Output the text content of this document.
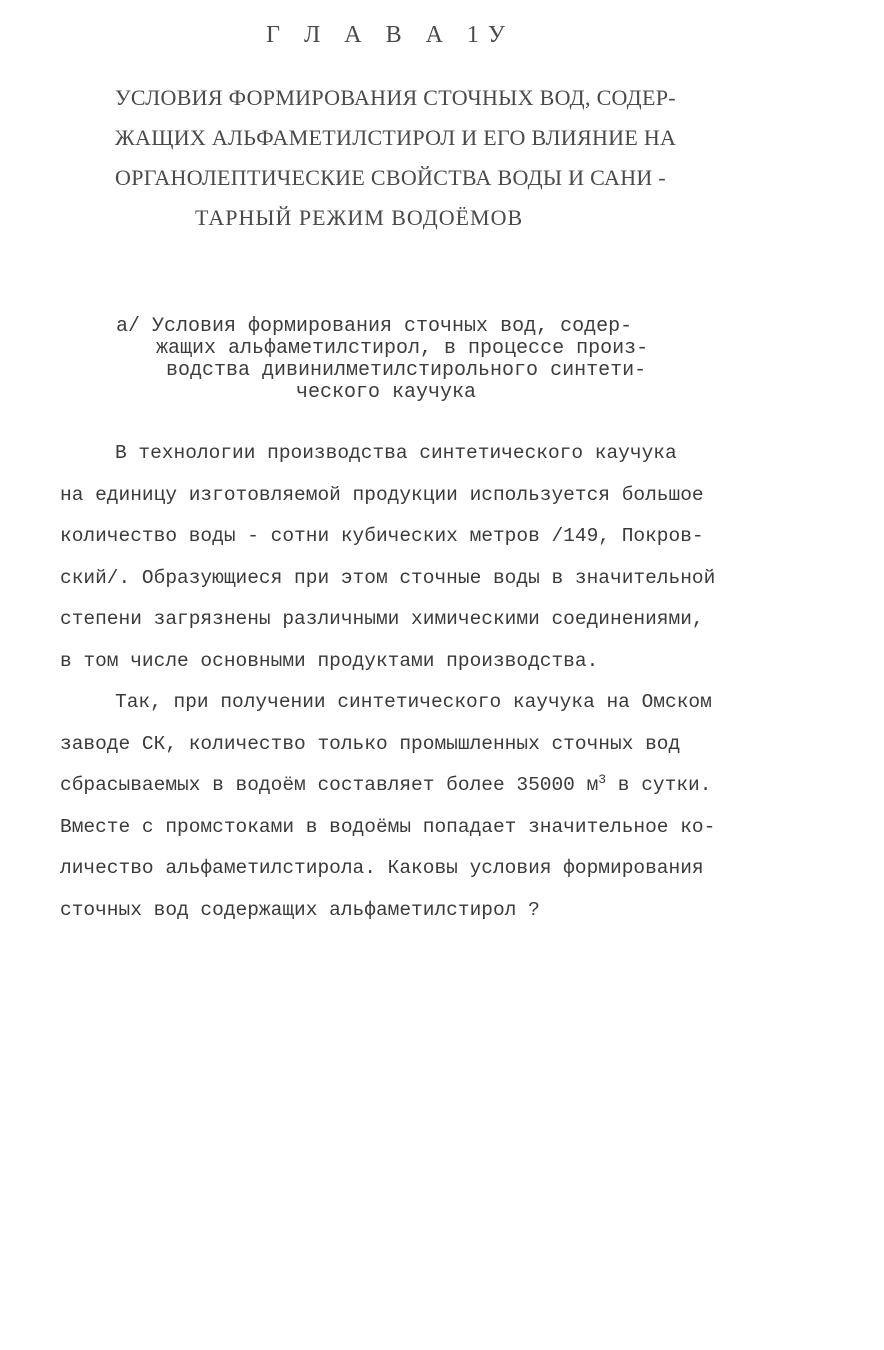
Г Л А В А 1У
УСЛОВИЯ ФОРМИРОВАНИЯ СТОЧНЫХ ВОД, СОДЕР-
ЖАЩИХ АЛЬФАМЕТИЛСТИРОЛ И ЕГО ВЛИЯНИЕ НА
ОРГАНОЛЕПТИЧЕСКИЕ СВОЙСТВА ВОДЫ И САНИ -
ТАРНЫЙ РЕЖИМ ВОДОЁМОВ
а/ Условия формирования сточных вод, содер-
жащих альфаметилстирол, в процессе произ-
водства дивинилметилстирольного синтети-
ческого каучука
В технологии производства синтетического каучука
на единицу изготовляемой продукции используется большое
количество воды - сотни кубических метров /149, Покров-
ский/. Образующиеся при этом сточные воды в значительной
степени загрязнены различными химическими соединениями,
в том числе основными продуктами производства.
Так, при получении синтетического каучука на Омском
заводе СК, количество только промышленных сточных вод
сбрасываемых в водоём составляет более 35000 $м^3$ в сутки.
Вместе с промстоками в водоёмы попадает значительное ко-
личество альфаметилстирола. Каковы условия формирования
сточных вод содержащих альфаметилстирол ?
